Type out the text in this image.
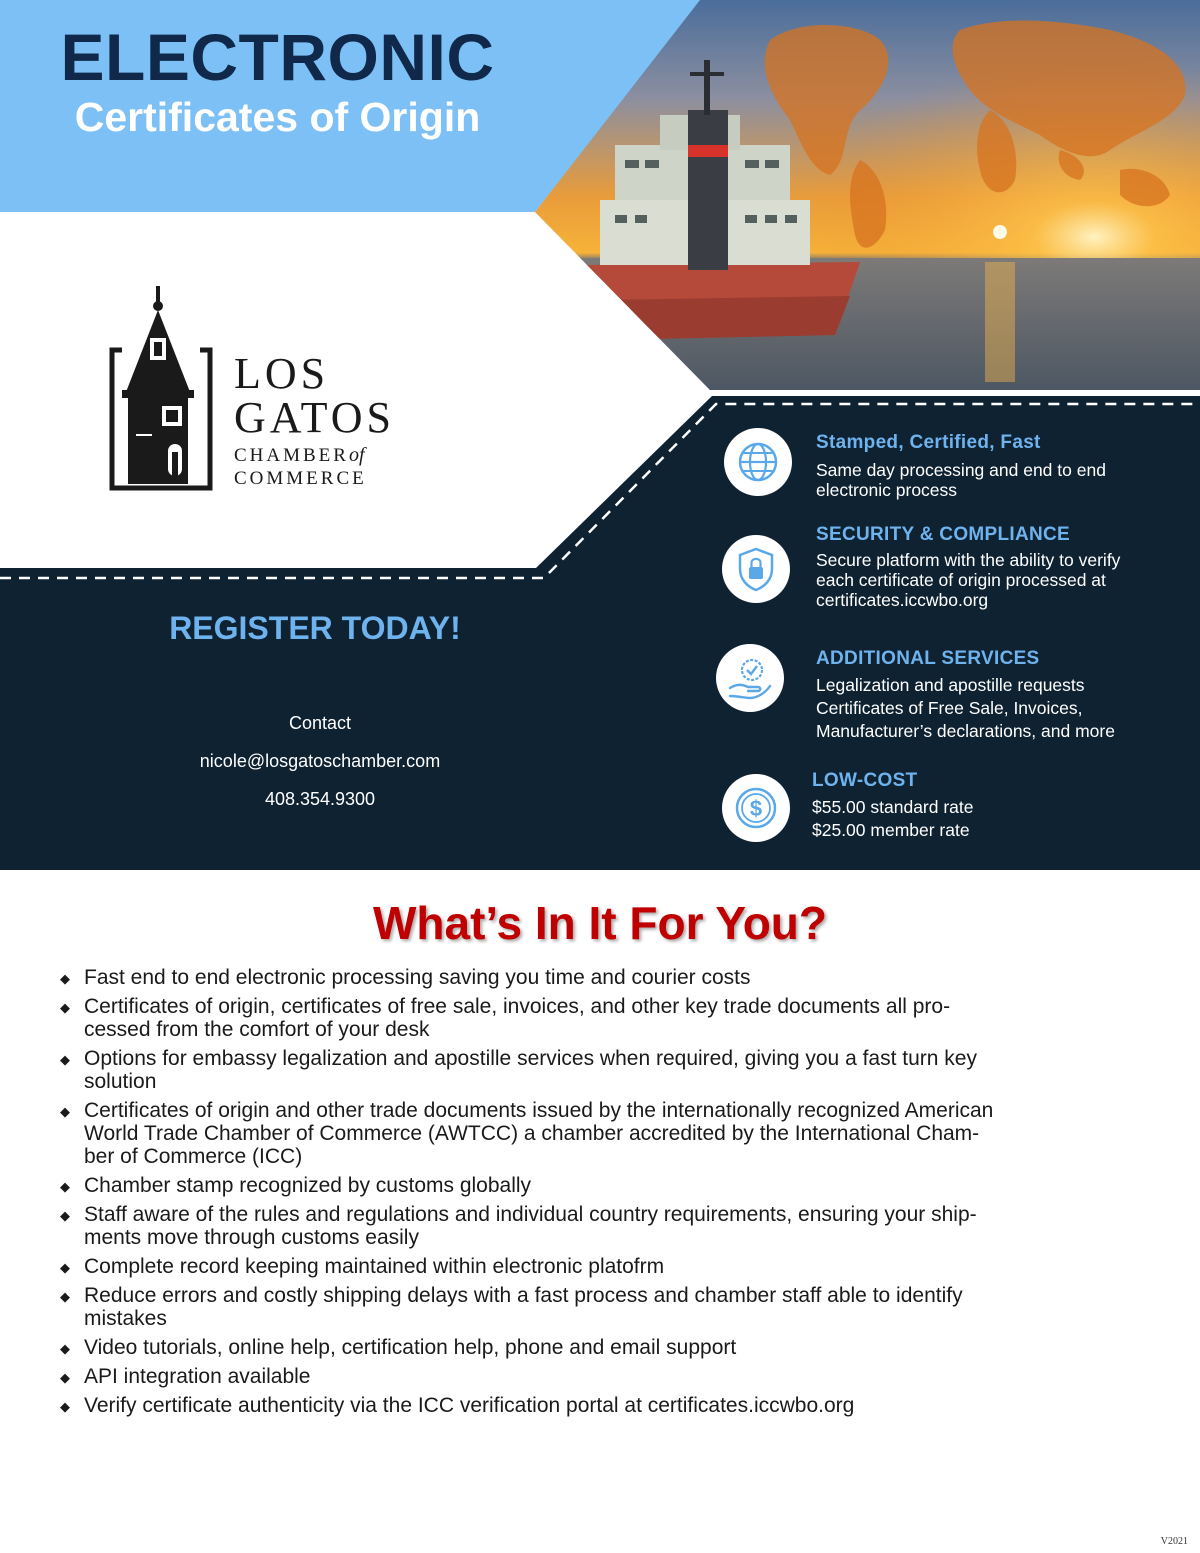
ELECTRONIC
Certificates of Origin
LOS
GATOS
CHAMBERof
COMMERCE
REGISTER TODAY!
Contact
nicole@losgatoschamber.com
408.354.9300
Stamped, Certified, Fast
Same day processing and end to end
electronic process
SECURITY & COMPLIANCE
Secure platform with the ability to verify
each certificate of origin processed at
certificates.iccwbo.org
ADDITIONAL SERVICES
Legalization and apostille requests
Certificates of Free Sale, Invoices,
Manufacturer’s declarations, and more
$
LOW-COST
$55.00 standard rate
$25.00 member rate
What’s In It For You?
◆ Fast end to end electronic processing saving you time and courier costs
◆ Certificates of origin, certificates of free sale, invoices, and other key trade documents all pro-
cessed from the comfort of your desk
◆ Options for embassy legalization and apostille services when required, giving you a fast turn key
solution
◆ Certificates of origin and other trade documents issued by the internationally recognized American
World Trade Chamber of Commerce (AWTCC) a chamber accredited by the International Cham-
ber of Commerce (ICC)
◆ Chamber stamp recognized by customs globally
◆ Staff aware of the rules and regulations and individual country requirements, ensuring your ship-
ments move through customs easily
◆ Complete record keeping maintained within electronic platofrm
◆ Reduce errors and costly shipping delays with a fast process and chamber staff able to identify
mistakes
◆ Video tutorials, online help, certification help, phone and email support
◆ API integration available
◆ Verify certificate authenticity via the ICC verification portal at certificates.iccwbo.org
V2021
